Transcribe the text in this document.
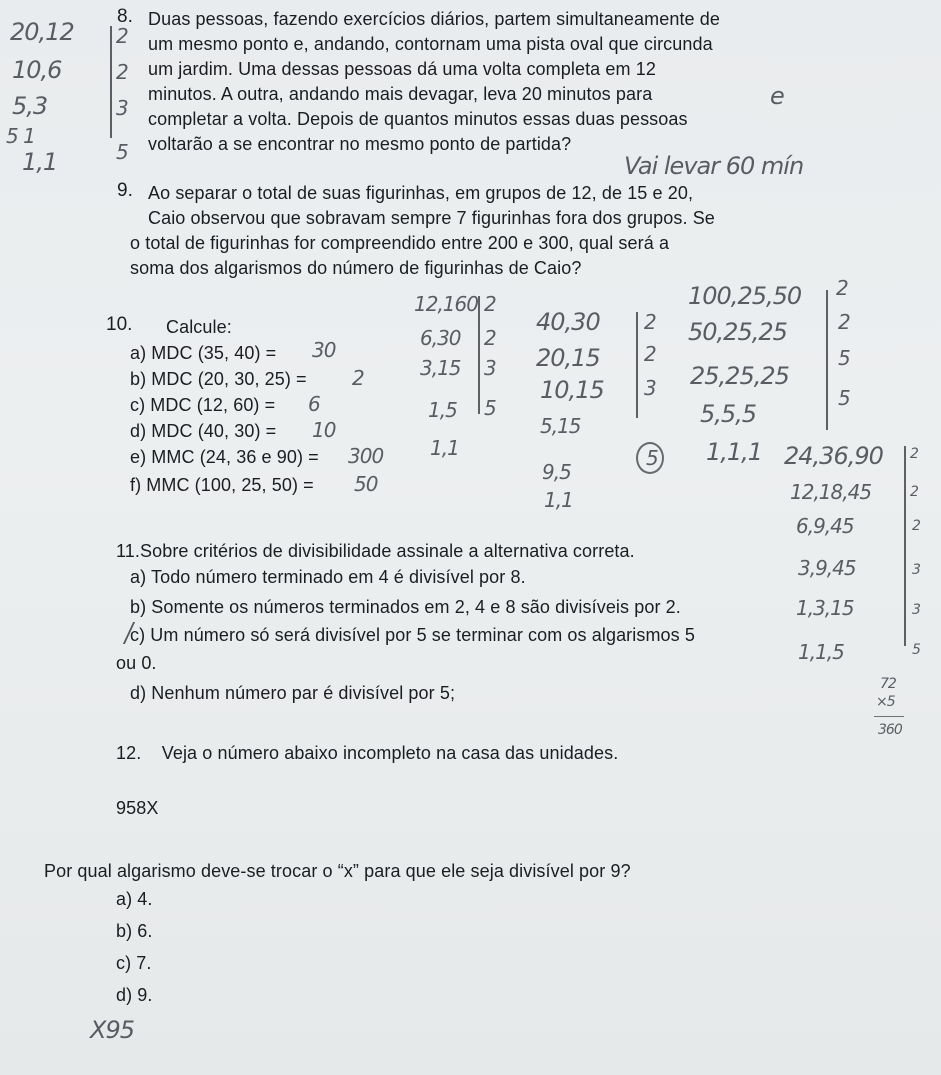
8. Duas pessoas, fazendo exercícios diários, partem simultaneamente de
um mesmo ponto e, andando, contornam uma pista oval que circunda
um jardim. Uma dessas pessoas dá uma volta completa em 12
minutos. A outra, andando mais devagar, leva 20 minutos para
completar a volta. Depois de quantos minutos essas duas pessoas
voltarão a se encontrar no mesmo ponto de partida?
20,12
10,6
5,3
5 1
1,1
2
2
3
5
e
Vai levar 60 mín
9. Ao separar o total de suas figurinhas, em grupos de 12, de 15 e 20,
Caio observou que sobravam sempre 7 figurinhas fora dos grupos. Se
o total de figurinhas for compreendido entre 200 e 300, qual será a
soma dos algarismos do número de figurinhas de Caio?
10. Calcule:
a) MDC (35, 40) =
b) MDC (20, 30, 25) =
c) MDC (12, 60) =
d) MDC (40, 30) =
e) MMC (24, 36 e 90) =
f) MMC (100, 25, 50) =
30
2
6
10
300
50
12,160
6,30
3,15
1,5
1,1
2
2
3
5
40,30
20,15
10,15
5,15
1,1
2
2
3
5
9,5
100,25,50
50,25,25
25,25,25
5,5,5
1,1,1
2
2
5
5
24,36,90
12,18,45
6,9,45
3,9,45
1,3,15
1,1,5
2
2
2
3
3
5
72
×5
360
11.Sobre critérios de divisibilidade assinale a alternativa correta.
a) Todo número terminado em 4 é divisível por 8.
b) Somente os números terminados em 2, 4 e 8 são divisíveis por 2.
c) Um número só será divisível por 5 se terminar com os algarismos 5
ou 0.
d) Nenhum número par é divisível por 5;
12. Veja o número abaixo incompleto na casa das unidades.
958X
Por qual algarismo deve-se trocar o “x” para que ele seja divisível por 9?
a) 4.
b) 6.
c) 7.
d) 9.
X95
